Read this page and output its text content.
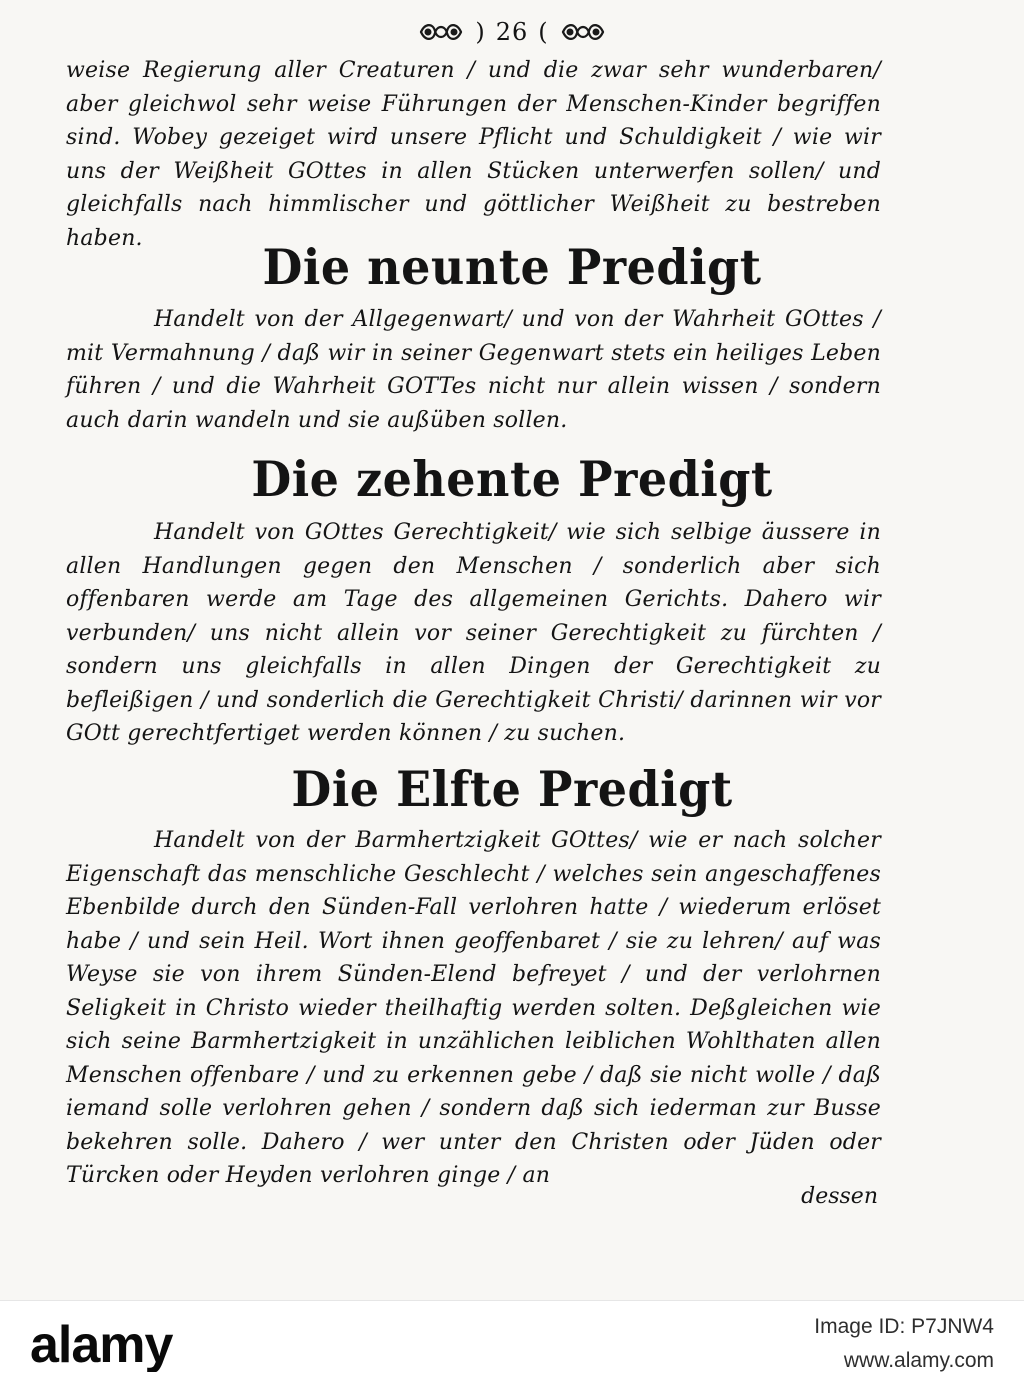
) 26 (

weise Regierung aller Creaturen / und die zwar sehr wunderbaren/ aber gleichwol sehr weise Führungen der Menschen-Kinder begriffen sind. Wobey gezeiget wird unsere Pflicht und Schuldigkeit / wie wir uns der Weißheit GOttes in allen Stücken unterwerfen sollen/ und gleichfalls nach himmlischer und göttlicher Weißheit zu bestreben haben.

Die neunte Predigt

Handelt von der Allgegenwart/ und von der Wahrheit GOttes / mit Vermahnung / daß wir in seiner Gegenwart stets ein heiliges Leben führen / und die Wahrheit GOTTes nicht nur allein wissen / sondern auch darin wandeln und sie außüben sollen.

Die zehente Predigt

Handelt von GOttes Gerechtigkeit/ wie sich selbige äussere in allen Handlungen gegen den Menschen / sonderlich aber sich offenbaren werde am Tage des allgemeinen Gerichts. Dahero wir verbunden/ uns nicht allein vor seiner Gerechtigkeit zu fürchten / sondern uns gleichfalls in allen Dingen der Gerechtigkeit zu befleißigen / und sonderlich die Gerechtigkeit Christi/ darinnen wir vor GOtt gerechtfertiget werden können / zu suchen.

Die Elfte Predigt

Handelt von der Barmhertzigkeit GOttes/ wie er nach solcher Eigenschaft das menschliche Geschlecht / welches sein angeschaffenes Ebenbilde durch den Sünden-Fall verlohren hatte / wiederum erlöset habe / und sein Heil. Wort ihnen geoffenbaret / sie zu lehren/ auf was Weyse sie von ihrem Sünden-Elend befreyet / und der verlohrnen Seligkeit in Christo wieder theilhaftig werden solten. Deßgleichen wie sich seine Barmhertzigkeit in unzählichen leiblichen Wohlthaten allen Menschen offenbare / und zu erkennen gebe / daß sie nicht wolle / daß iemand solle verlohren gehen / sondern daß sich iederman zur Busse bekehren solle. Dahero / wer unter den Christen oder Jüden oder Türcken oder Heyden verlohren ginge / an

dessen
alamy	Image ID: P7JNW4
www.alamy.com
